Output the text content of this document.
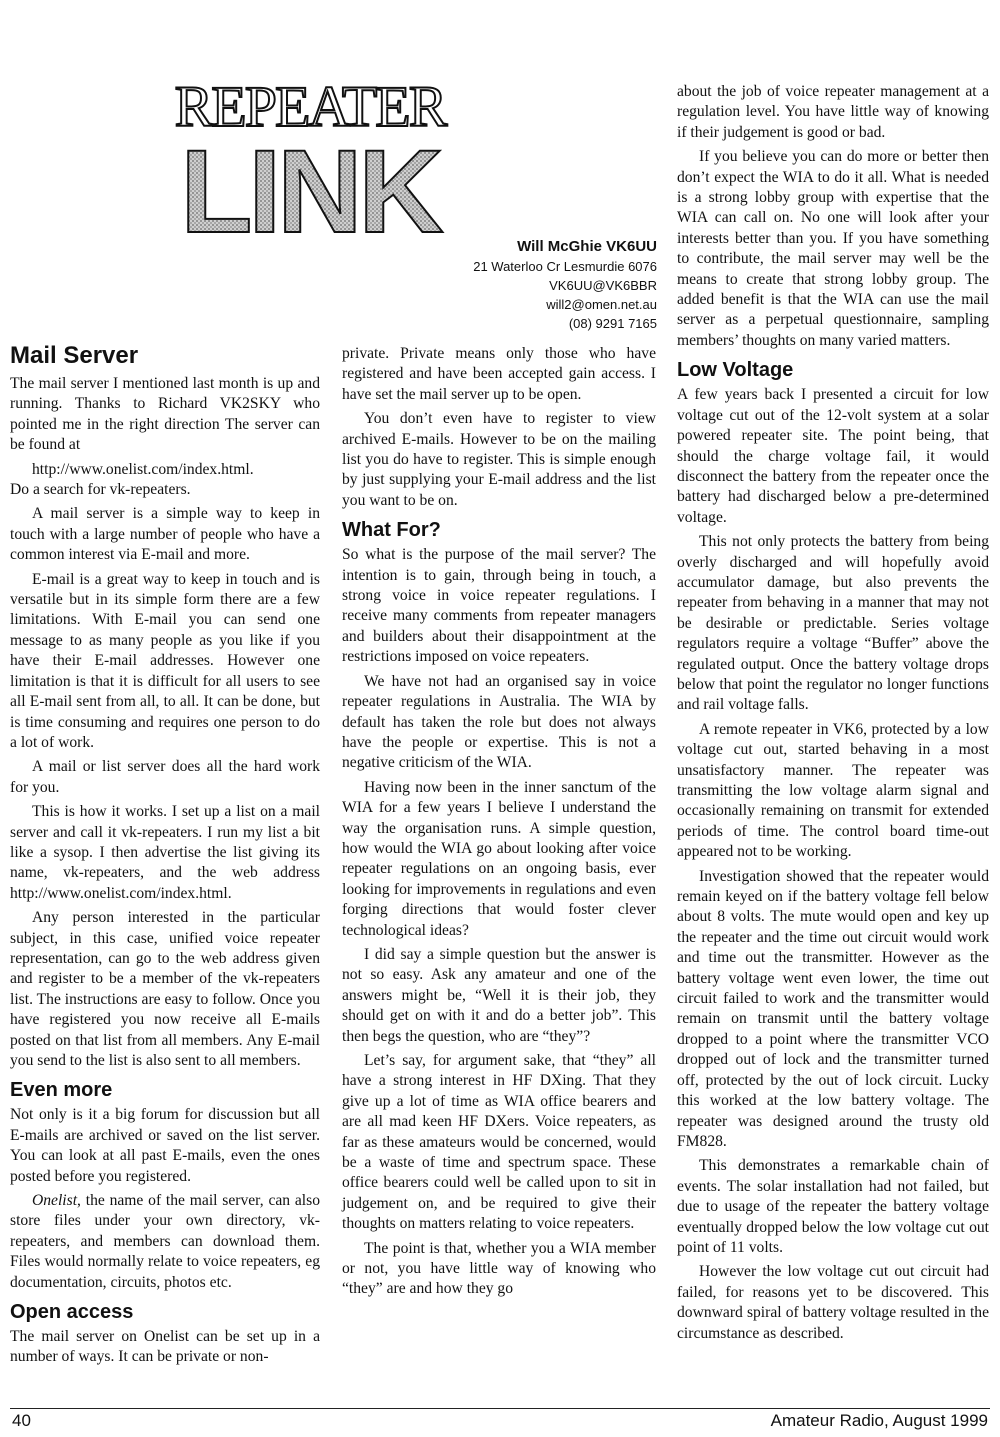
LINK
REPEATER
Will McGhie VK6UU
21 Waterloo Cr Lesmurdie 6076
VK6UU@VK6BBR
will2@omen.net.au
(08) 9291 7165
Mail Server

The mail server I mentioned last month is up and running. Thanks to Richard VK2SKY who pointed me in the right direction The server can be found at

http://www.onelist.com/index.html.

Do a search for vk-repeaters.

A mail server is a simple way to keep in touch with a large number of people who have a common interest via E-mail and more.

E-mail is a great way to keep in touch and is versatile but in its simple form there are a few limitations. With E-mail you can send one message to as many people as you like if you have their E-mail addresses. However one limitation is that it is difficult for all users to see all E-mail sent from all, to all. It can be done, but is time consuming and requires one person to do a lot of work.

A mail or list server does all the hard work for you.

This is how it works. I set up a list on a mail server and call it vk-repeaters. I run my list a bit like a sysop. I then advertise the list giving its name, vk-repeaters, and the web address http://www.onelist.com/index.html.

Any person interested in the particular subject, in this case, unified voice repeater representation, can go to the web address given and register to be a member of the vk-repeaters list. The instructions are easy to follow. Once you have registered you now receive all E-mails posted on that list from all members. Any E-mail you send to the list is also sent to all members.

Even more

Not only is it a big forum for discussion but all E-mails are archived or saved on the list server. You can look at all past E-mails, even the ones posted before you registered.

Onelist, the name of the mail server, can also store files under your own directory, vk-repeaters, and members can download them. Files would normally relate to voice repeaters, eg documentation, circuits, photos etc.

Open access

The mail server on Onelist can be set up in a number of ways. It can be private or non-

private. Private means only those who have registered and have been accepted gain access. I have set the mail server up to be open.

You don’t even have to register to view archived E-mails. However to be on the mailing list you do have to register. This is simple enough by just supplying your E-mail address and the list you want to be on.

What For?

So what is the purpose of the mail server? The intention is to gain, through being in touch, a strong voice in voice repeater regulations. I receive many comments from repeater managers and builders about their disappointment at the restrictions imposed on voice repeaters.

We have not had an organised say in voice repeater regulations in Australia. The WIA by default has taken the role but does not always have the people or expertise. This is not a negative criticism of the WIA.

Having now been in the inner sanctum of the WIA for a few years I believe I understand the way the organisation runs. A simple question, how would the WIA go about looking after voice repeater regulations on an ongoing basis, ever looking for improvements in regulations and even forging directions that would foster clever technological ideas?

I did say a simple question but the answer is not so easy. Ask any amateur and one of the answers might be, “Well it is their job, they should get on with it and do a better job”. This then begs the question, who are “they”?

Let’s say, for argument sake, that “they” all have a strong interest in HF DXing. That they give up a lot of time as WIA office bearers and are all mad keen HF DXers. Voice repeaters, as far as these amateurs would be concerned, would be a waste of time and spectrum space. These office bearers could well be called upon to sit in judgement on, and be required to give their thoughts on matters relating to voice repeaters.

The point is that, whether you a WIA member or not, you have little way of knowing who “they” are and how they go

about the job of voice repeater management at a regulation level. You have little way of knowing if their judgement is good or bad.

If you believe you can do more or better then don’t expect the WIA to do it all. What is needed is a strong lobby group with expertise that the WIA can call on. No one will look after your interests better than you. If you have something to contribute, the mail server may well be the means to create that strong lobby group. The added benefit is that the WIA can use the mail server as a perpetual questionnaire, sampling members’ thoughts on many varied matters.

Low Voltage

A few years back I presented a circuit for low voltage cut out of the 12-volt system at a solar powered repeater site. The point being, that should the charge voltage fail, it would disconnect the battery from the repeater once the battery had discharged below a pre-determined voltage.

This not only protects the battery from being overly discharged and will hopefully avoid accumulator damage, but also prevents the repeater from behaving in a manner that may not be desirable or predictable. Series voltage regulators require a voltage “Buffer” above the regulated output. Once the battery voltage drops below that point the regulator no longer functions and rail voltage falls.

A remote repeater in VK6, protected by a low voltage cut out, started behaving in a most unsatisfactory manner. The repeater was transmitting the low voltage alarm signal and occasionally remaining on transmit for extended periods of time. The control board time-out appeared not to be working.

Investigation showed that the repeater would remain keyed on if the battery voltage fell below about 8 volts. The mute would open and key up the repeater and the time out circuit would work and time out the transmitter. However as the battery voltage went even lower, the time out circuit failed to work and the transmitter would remain on transmit until the battery voltage dropped to a point where the transmitter VCO dropped out of lock and the transmitter turned off, protected by the out of lock circuit. Lucky this worked at the low battery voltage. The repeater was designed around the trusty old FM828.

This demonstrates a remarkable chain of events. The solar installation had not failed, but due to usage of the repeater the battery voltage eventually dropped below the low voltage cut out point of 11 volts.

However the low voltage cut out circuit had failed, for reasons yet to be discovered. This downward spiral of battery voltage resulted in the circumstance as described.

40	Amateur Radio, August 1999
